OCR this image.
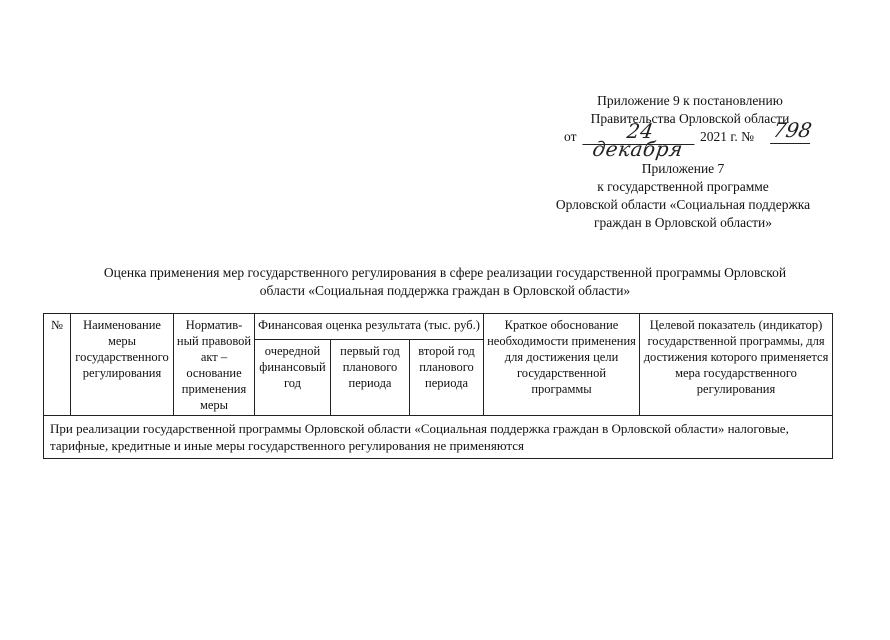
Приложение 9 к постановлению
Правительства Орловской области
от	24 декабря
2021 г. № 798
Приложение 7
к государственной программе
Орловской области «Социальная поддержка
граждан в Орловской области»
Оценка применения мер государственного регулирования в сфере реализации государственной программы Орловской
области «Социальная поддержка граждан в Орловской области»
№	Наименование меры государственного регулирования	Норматив-ный правовой акт – основание применения меры	Финансовая оценка результата (тыс. руб.)			Краткое обоснование необходимости применения для достижения цели государственной программы	Целевой показатель (индикатор) государственной программы, для достижения которого применяется мера государственного регулирования
			очередной финансовый год	первый год планового периода	второй год планового периода		
При реализации государственной программы Орловской области «Социальная поддержка граждан в Орловской области» налоговые, тарифные, кредитные и иные меры государственного регулирования не применяются							
